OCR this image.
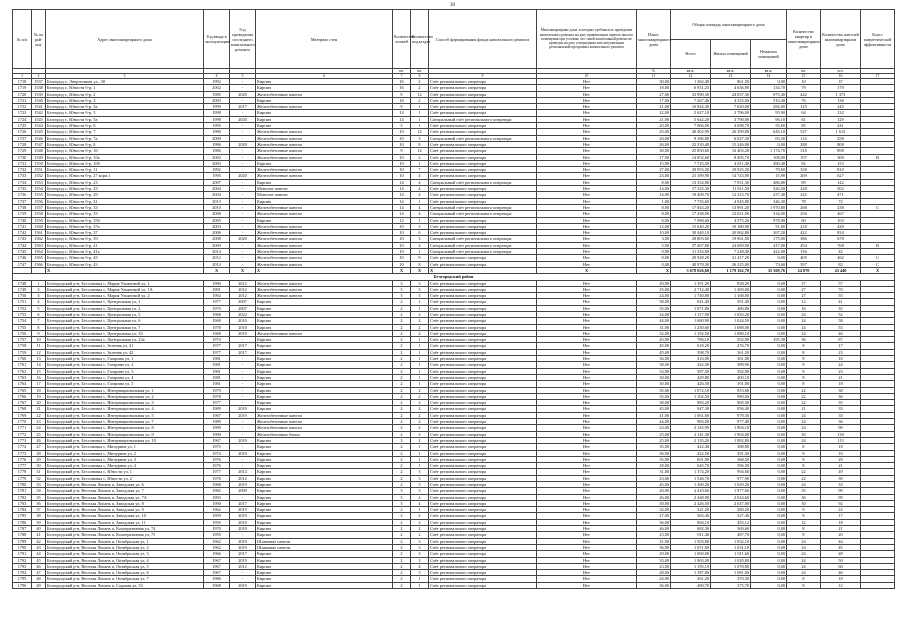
30
№ п/п	№ по рай-ону	Адрес многоквартирного дома	Год ввода в эксплуатацию	Год проведения последнего капитального ремонта	Материал стен	Количество этажей	Количество подъездов	Способ формирования фонда капитального ремонта	Многоквартирные дома, в которых требовалось проведение капитального ремонта на дату приватизации первого жилого помещения при условии, что такой капитальный ремонт не проведен на дату утверждения или актуализации региональной программы капитального ремонта	Износ многоквартирного дома	Общая площадь многоквартирного дома			Количество квартир в многоквартирном доме	Количество жителей многоквартирном доме	Класс энергетической эффективности
											Всего	Жилых помещений	Нежилых помещений			
						шт.	шт.			%	кв.м.	кв.м.	кв.м.	шт.	чел.	
1	2	3	4	5	6	7	8	9	10	11	12	13	14	15	16	17
1718	1537	Белгород г., Энергетиков ул., 30	1992	-	Кирпич	16	2	Счёт регионального оператора	Нет	30,00	1 362,40	861,50	0,00	10	37	
1719	1538	Белгород г., Юности б-р, 1	2002	-	Кирпич	16	2	Счёт регионального оператора	Нет	18,00	6 931,25	4 636,80	134,70	79	179	
1720	1539	Белгород г., Юности б-р, 2	1985	2020	Железобетонные панели	9	12	Счёт регионального оператора	Нет	27,00	33 990,30	24 037,30	975,40	442	1 373	
1721	1540	Белгород г., Юности б-р, 3	2003	-	Кирпич	16	2	Счёт регионального оператора	Нет	17,00	7 267,40	4 335,00	510,40	76	136	
1722	1541	Белгород г., Юности б-р, 3а	1999	2017	Железобетонные панели	9	1	Счёт регионального оператора	Нет	21,00	10 842,30	7 020,00	284,00	125	245	
1723	1542	Белгород г., Юности б-р, 5	1998	-	Кирпич	14	1	Счёт регионального оператора	Нет	22,00	5 627,10	3 796,00	95,90	64	132	
1724	1543	Белгород г., Юности б-р, 5а	1998	2020	Кирпич	14	1	Специальный счёт регионального оператора	Нет	21,00	5 642,20	3 790,00	96,10	61	129	
1725	1544	Белгород г., Юности б-р, 6	1995	-	Кирпич	3	1	Счёт регионального оператора	Нет	20,00	7 066,00	4 698,70	55,60	85	241	
1726	1545	Белгород г., Юности б-р, 7	1980	-	Железобетонные панели	10	12	Счёт регионального оператора	Нет	25,00	40 402,90	26 399,80	645,10	527	1 612	
1727	1546	Белгород г., Юности б-р, 7а	2000	-	Железобетонные панели	10	3	Специальный счёт регионального оператора	Нет	20,00	9 186,80	6 027,30	65,50	114	258	
1728	1547	Белгород г., Юности б-р, 8	1986	2020	Железобетонные панели	10	8	Счёт регионального оператора	Нет	26,00	22 339,40	15 246,90	0,00	288	808	
1729	1548	Белгород г., Юности б-р, 10	1986	-	Железобетонные панели	9	12	Счёт регионального оператора	Нет	30,00	25 850,60	16 403,20	1 174,70	318	898	
1730	1549	Белгород г., Юности б-р, 10а	2002	-	Железобетонные панели	10	2	Счёт регионального оператора	Нет	17,00	14 052,60	8 495,70	108,00	197	300	В
1731	1550	Белгород г., Юности б-р, 10б	2003	-	Кирпич	10	1	Счёт регионального оператора	Нет	15,00	7 725,30	4 811,40	490,40	82	153	
1732	1551	Белгород г., Юности б-р, 11	1992	-	Железобетонные панели	10	7	Счёт регионального оператора	Нет	27,00	29 953,30	19 925,30	79,60	338	810	
1733	1552	Белгород г., Юности б-р, 27 корп.1	1995	2020	Железобетонные панели	10	4	Счёт регионального оператора	Нет	23,00	21 189,90	14 743,00	15,90	269	627	
1734	1553	Белгород г., Юности б-р, 23	2007	-	Кирпич	14	4	Специальный счёт регионального оператора	Нет	8,00	13 334,80	7 931,30	486,80	89	142	
1735	1554	Белгород г., Юности б-р, 25	2004	-	Монолит панели	14	4	Счёт регионального оператора	Нет	14,00	17 335,30	11 811,50	326,50	228	502	
1736	1555	Белгород г., Юности б-р, 29	2004	-	Монолит панели	14	4	Счёт регионального оператора	Нет	14,00	18 409,70	12 323,70	237,40	245	471	
1737	1556	Белгород г., Юности б-р, 31	2013	-	Кирпич	14	1	Счёт регионального оператора	Нет	1,00	7 735,60	4 945,80	346,30	78	72	
1738	1557	Белгород г., Юности б-р, 33	2010	-	Железобетонные панели	14	4	Специальный счёт регионального оператора	Нет	8,00	17 843,20	13 991,20	1 970,80	268	238	С
1739	1558	Белгород г., Юности б-р, 35	2008	-	Железобетонные панели	14	4	Специальный счёт регионального оператора	Нет	8,00	17 438,00	12 021,00	334,00	256	467	
1740	1559	Белгород г., Юности б-р, 35б	2005	-	Кирпич	12	1	Счёт регионального оператора	Нет	6,00	7 088,60	4 575,20	978,00	60	103	
1741	1560	Белгород г., Юности б-р, 37а	2003	-	Железобетонные панели	10	3	Счёт регионального оператора	Нет	12,00	15 640,20	10 180,90	51,00	218	420	
1742	1561	Белгород г., Юности б-р, 37	2006	-	Железобетонные панели	10	6	Счёт регионального оператора	Нет	10,00	30 440,10	20 062,80	267,20	422	834	
1743	1562	Белгород г., Юности б-р, 39	2008	2020	Железобетонные панели	10	3	Специальный счёт регионального оператора	Нет	3,00	28 803,60	19 961,00	175,00	386	678	
1744	1563	Белгород г., Юности б-р, 41	2009	-	Железобетонные панели	10	4	Специальный счёт регионального оператора	Нет	5,00	37 467,80	24 689,00	417,00	454	768	В
1745	1564	Белгород г., Юности б-р, 41а	2014	-	Железобетонные панели	10	1	Специальный счёт регионального оператора	Нет	0,00	11 333,60	7 248,40	422,00	156	42	
1746	1565	Белгород г., Юности б-р, 45	2012	-	Железобетонные панели	10	9	Счёт регионального оператора	Нет	0,00	29 928,20	21 417,20	0,00	405	462	С
1747	1566	Белгород г., Юности б-р, 43	2014	-	Железобетонные панели	10	8	Счёт регионального оператора	Нет	0,00	40 978,30	26 225,00	73,60	397	82	С
		X	X	X	X	X	X	X	X	X	3 678 826,60	1 179 162,70	35 369,76	24 070	43 440	X
Белгородский район																
1748	1	Белгородский р-н, Бессоновка с, Мария Ульяновой ул, 1	1990	2012	Железобетонные панели	3	3	Счёт регионального оператора	Нет	29,00	1 391,20	838,20	0,00	27	57	
1749	2	Белгородский р-н, Бессоновка с, Мария Ульяновой ул, 1А	1991	2012	Железобетонные панели	3	3	Счёт регионального оператора	Нет	25,00	2 712,40	1 269,00	0,00	27	70	
1750	3	Белгородский р-н, Бессоновка с, Мария Ульяновой ул, 2	1992	2012	Железобетонные панели	3	3	Счёт регионального оператора	Нет	24,00	1 740,80	1 168,00	0,00	27	55	
1751	4	Белгородский р-н, Бессоновка с, Центральная ул, 1	1977	2007	Кирпич	2	1	Счёт регионального оператора	Нет	38,00	641,40	391,40	0,00	12	41	
1752	5	Белгородский р-н, Бессоновка с, Центральная ул, 2	1979	2007	Кирпич	2	1	Счёт регионального оператора	Нет	35,00	1 071,80	480,80	0,00	16	35	
1753	6	Белгородский р-н, Бессоновка с, Центральная ул, 5	1968	2022	Кирпич	2	2	Счёт регионального оператора	Нет	34,00	1 117,90	1 033,20	0,00	24	52	
1754	7	Белгородский р-н, Бессоновка с, Центральная ул, 6	1968	2010	Кирпич	2	2	Счёт регионального оператора	Нет	44,00	1 680,90	1 024,50	0,00	24	58	
1755	8	Белгородский р-н, Бессоновка с, Центральная ул, 7	1978	2018	Кирпич	2	2	Счёт регионального оператора	Нет	31,00	1 250,60	1 088,00	0,00	24	53	
1756	9	Белгородский р-н, Бессоновка с, Центральная ул, 10	1968	2019	Железобетонные панели	2	2	Счёт регионального оператора	Нет	32,00	1 192,50	1 080,10	0,00	24	46	
1757	10	Белгородский р-н, Бессоновка с, Центральная ул, 23а	1974	-	Кирпич	2	1	Счёт регионального оператора	Нет	45,00	786,10	502,00	195,30	36	87	
1758	11	Белгородский р-н, Бессоновка с, Зеленая ул, 41	1977	2017	Кирпич	2	1	Счёт регионального оператора	Нет	45,00	618,20	276,70	0,00	8	17	
1759	12	Белгородский р-н, Бессоновка с, Зеленая ул, 42	1977	2017	Кирпич	2	1	Счёт регионального оператора	Нет	45,00	398,70	361,50	0,00	8	23	
1760	13	Белгородский р-н, Бессоновка с, Гагарина ул, 1	1981	-	Кирпич	2	1	Счёт регионального оператора	Нет	36,00	416,00	361,00	0,00	8	18	
1761	14	Белгородский р-н, Бессоновка с, Гагарина ул, 2	1981	-	Кирпич	2	1	Счёт регионального оператора	Нет	38,00	422,30	389,90	0,00	8	24	
1762	15	Белгородский р-н, Бессоновка с, Гагарина ул, 3	1981	-	Кирпич	2	1	Счёт регионального оператора	Нет	33,00	397,30	392,00	0,00	8	23	
1763	16	Белгородский р-н, Бессоновка с, Гагарина ул, 4	1981	-	Кирпич	2	1	Счёт регионального оператора	Нет	38,00	429,80	400,10	0,00	8	21	
1764	17	Белгородский р-н, Бессоновка с, Гагарина ул, 5	1981	-	Кирпич	2	1	Счёт регионального оператора	Нет	30,00	426,30	391,00	0,00	8	18	
1765	18	Белгородский р-н, Бессоновка с, Интернациональная ул, 1	1979	-	Кирпич	2	2	Счёт регионального оператора	Нет	35,00	1 072,10	953,80	0,00	22	38	
1766	19	Белгородский р-н, Бессоновка с, Интернациональная ул, 2	1978	-	Кирпич	2	2	Счёт регионального оператора	Нет	35,00	1 102,50	980,00	0,00	22	36	
1767	20	Белгородский р-н, Бессоновка с, Интернациональная ул, 3	1977	-	Кирпич	2	2	Счёт регионального оператора	Нет	38,00	983,20	965,30	0,00	22	35	
1768	21	Белгородский р-н, Бессоновка с, Интернациональная ул, 4	1989	2019	Кирпич	2	2	Счёт регионального оператора	Нет	45,00	947,30	856,40	0,00	21	35	
1769	22	Белгородский р-н, Бессоновка с, Интернациональная ул, 5	1967	2019	Железобетонные панели	2	2	Счёт регионального оператора	Нет	41,00	1 061,60	979,30	0,00	24	53	
1770	23	Белгородский р-н, Бессоновка с, Интернациональная ул, 7	1989	-	Железобетонные панели	2	2	Счёт регионального оператора	Нет	44,00	983,00	977,40	0,00	24	36	
1771	24	Белгородский р-н, Бессоновка с, Интернациональная ул, 8	1989	-	Железобетонные панели	2	2	Счёт регионального оператора	Нет	23,00	2 145,90	1 904,10	0,00	24	90	
1772	25	Белгородский р-н, Бессоновка с, Интернациональная ул, 9	1990	-	Железобетонные блоки	2	3	Счёт регионального оператора	Нет	25,00	2 141,30	1 904,00	0,00	30	130	
1773	26	Белгородский р-н, Бессоновка с, Интернациональная ул, 10	1967	2019	Кирпич	3	2	Счёт регионального оператора	Нет	25,00	2 135,20	1 882,80	0,00	24	113	
1774	27	Белгородский р-н, Бессоновка с, Мичурина ул, 1	1975	-	Кирпич	2	1	Счёт регионального оператора	Нет	35,00	422,40	388,80	0,00	8	18	
1775	28	Белгородский р-н, Бессоновка с, Мичурина ул, 2	1974	2019	Кирпич	2	1	Счёт регионального оператора	Нет	36,00	422,50	391,30	0,00	8	16	
1776	29	Белгородский р-н, Бессоновка с, Мичурина ул, 3	1976	-	Кирпич	2	1	Счёт регионального оператора	Нет	35,00	601,00	368,50	0,00	8	29	
1777	30	Белгородский р-н, Бессоновка с, Мичурина ул, 4	1976	-	Кирпич	2	1	Счёт регионального оператора	Нет	28,00	645,70	596,30	0,00	8	21	
1778	31	Белгородский р-н, Бессоновка с, Юности ул, 1	1977	2014	Кирпич	2	3	Счёт регионального оператора	Нет	31,00	1 374,20	994,60	0,00	22	49	
1779	32	Белгородский р-н, Бессоновка с, Юности ул, 2	1978	2012	Кирпич	2	3	Счёт регионального оператора	Нет	23,00	1 546,70	977,90	0,00	22	39	
1780	33	Белгородский р-н, Веселая Лопань п, Заводская ул, 6	1968	2019	Кирпич	2	3	Счёт регионального оператора	Нет	45,00	1 360,20	1 029,20	0,00	24	33	
1781	34	Белгородский р-н, Веселая Лопань п, Заводская ул, 7	1982	2009	Кирпич	3	3	Счёт регионального оператора	Нет	29,00	2 410,60	1 977,60	0,00	35	90	
1782	35	Белгородский р-н, Веселая Лопань п, Заводская ул, 7А	1993	-	Кирпич	3	4	Счёт регионального оператора	Нет	26,00	2 448,90	2 024,60	0,00	36	99	
1783	36	Белгородский р-н, Веселая Лопань п, Заводская ул, 8	1990	2017	Кирпич	3	4	Счёт регионального оператора	Нет	30,00	2 426,50	2 047,00	0,00	30	92	
1784	37	Белгородский р-н, Веселая Лопань п, Заводская ул, 9	1962	2019	Кирпич	2	1	Счёт регионального оператора	Нет	32,00	321,20	280,20	0,00	8	22	
1785	38	Белгородский р-н, Веселая Лопань п, Заводская ул, 10	1959	2019	Кирпич	2	2	Счёт регионального оператора	Нет	27,00	365,40	327,40	0,00	8	17	
1786	39	Белгородский р-н, Веселая Лопань п, Заводская ул, 11	1959	2019	Кирпич	2	2	Счёт регионального оператора	Нет	36,00	884,10	455,12	0,00	12	18	
1787	40	Белгородский р-н, Веселая Лопань п, Кооперативная ул, 74	1970	2019	Кирпич	2	2	Счёт регионального оператора	Нет	46,00	682,30	369,60	0,00	8	21	
1788	41	Белгородский р-н, Веселая Лопань п, Кооперативная ул, 75	1959	-	Кирпич	2	2	Счёт регионального оператора	Нет	23,00	911,40	487,70	0,00	8	20	
1789	42	Белгородский р-н, Веселая Лопань п, Октябрьская ул, 1	1962	2019	Шлаковые панели	2	3	Счёт регионального оператора	Нет	31,00	1 503,80	1 032,10	0,00	24	44	
1790	43	Белгородский р-н, Веселая Лопань п, Октябрьская ул, 2	1962	2019	Шлаковые панели	2	3	Счёт регионального оператора	Нет	36,00	1 051,60	1 031,10	0,00	24	45	
1791	44	Белгородский р-н, Веселая Лопань п, Октябрьская ул, 3	1966	2017	Кирпич	2	3	Счёт регионального оператора	Нет	29,00	1 060,00	1 011,60	0,00	24	48	
1792	45	Белгородский р-н, Веселая Лопань п, Октябрьская ул, 4	1967	2019	Кирпич	2	3	Счёт регионального оператора	Нет	35,00	1 963,00	1 020,80	0,00	24	50	
1793	46	Белгородский р-н, Веселая Лопань п, Октябрьская ул, 5	1967	2012	Кирпич	2	4	Счёт регионального оператора	Нет	23,00	1 195,10	1 078,80	0,00	24	60	
1794	47	Белгородский р-н, Веселая Лопань п, Октябрьская ул, 6	1967	-	Кирпич	2	3	Счёт регионального оператора	Нет	28,00	1 187,80	1 081,00	0,00	24	46	
1795	48	Белгородский р-н, Веселая Лопань п, Октябрьская ул, 7	1986	-	Кирпич	2	1	Счёт регионального оператора	Нет	24,00	361,20	370,30	0,00	8	18	
1796	49	Белгородский р-н, Веселая Лопань п, Садовая ул, 53	1968	2019	Кирпич	2	1	Счёт регионального оператора	Нет	36,00	490,70	375,70	0,00	8	12	
